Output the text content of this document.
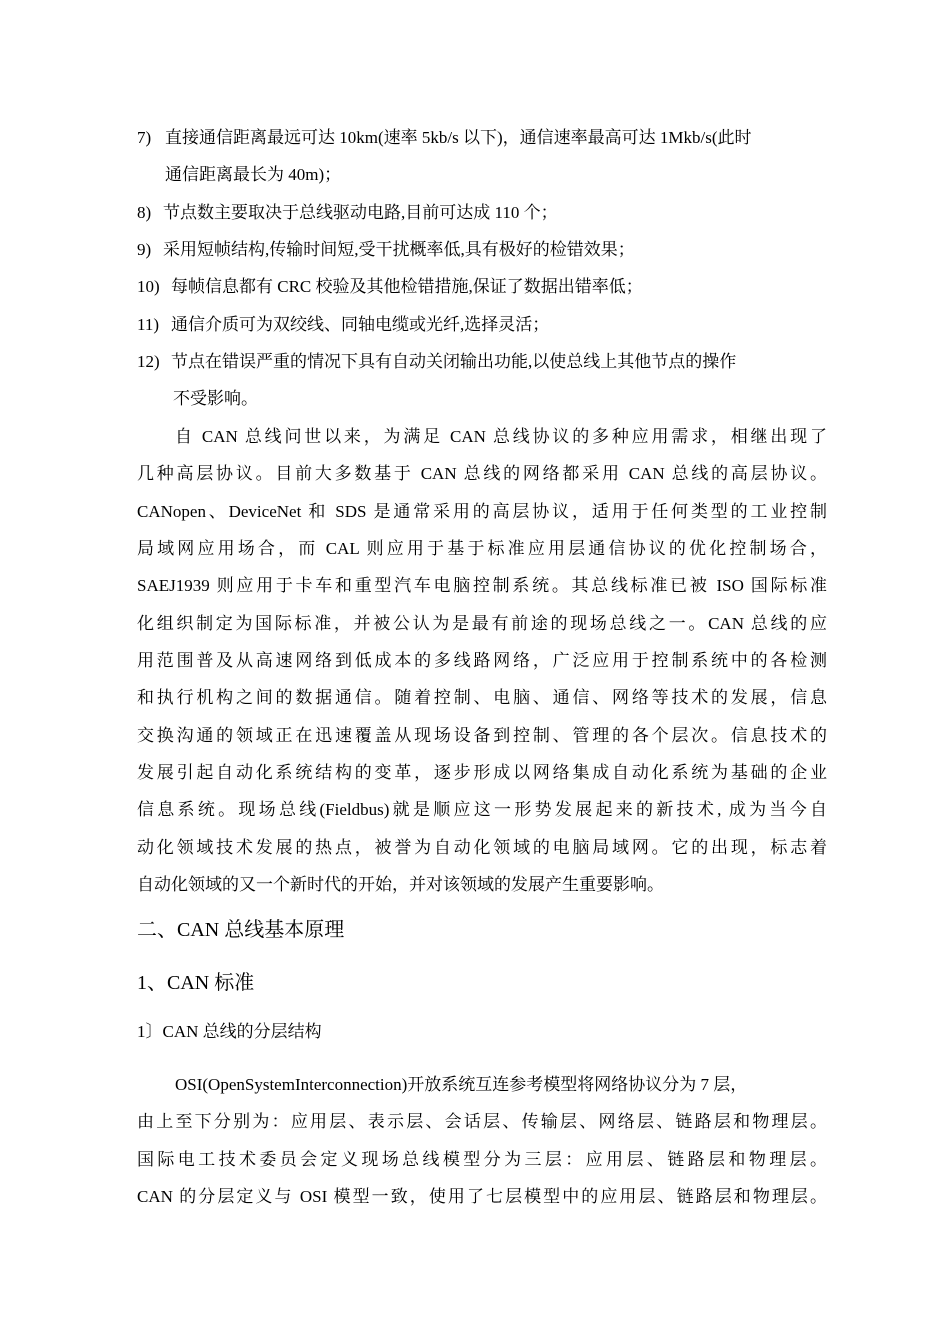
7) 直接通信距离最远可达 10km(速率 5kb/s 以下)，通信速率最高可达 1Mkb/s(此时
通信距离最长为 40m)；
8) 节点数主要取决于总线驱动电路,目前可达成 110 个；
9) 采用短帧结构,传输时间短,受干扰概率低,具有极好的检错效果；
10) 每帧信息都有 CRC 校验及其他检错措施,保证了数据出错率低；
11) 通信介质可为双绞线、同轴电缆或光纤,选择灵活；
12) 节点在错误严重的情况下具有自动关闭输出功能,以使总线上其他节点的操作
不受影响。
自 CAN 总线问世以来，为满足 CAN 总线协议的多种应用需求，相继出现了
几种高层协议。目前大多数基于 CAN 总线的网络都采用 CAN 总线的高层协议。
CANopen、DeviceNet 和 SDS 是通常采用的高层协议，适用于任何类型的工业控制
局域网应用场合，而 CAL 则应用于基于标准应用层通信协议的优化控制场合，
SAEJ1939 则应用于卡车和重型汽车电脑控制系统。其总线标准已被 ISO 国际标准
化组织制定为国际标准，并被公认为是最有前途的现场总线之一。CAN 总线的应
用范围普及从高速网络到低成本的多线路网络，广泛应用于控制系统中的各检测
和执行机构之间的数据通信。随着控制、电脑、通信、网络等技术的发展，信息
交换沟通的领域正在迅速覆盖从现场设备到控制、管理的各个层次。信息技术的
发展引起自动化系统结构的变革，逐步形成以网络集成自动化系统为基础的企业
信息系统。现场总线(Fieldbus)就是顺应这一形势发展起来的新技术, 成为当今自
动化领域技术发展的热点，被誉为自动化领域的电脑局域网。它的出现，标志着
自动化领域的又一个新时代的开始，并对该领域的发展产生重要影响。
二、CAN 总线基本原理
1、CAN 标准
1〕CAN 总线的分层结构
OSI(OpenSystemInterconnection)开放系统互连参考模型将网络协议分为 7 层，
由上至下分别为：应用层、表示层、会话层、传输层、网络层、链路层和物理层。
国际电工技术委员会定义现场总线模型分为三层：应用层、链路层和物理层。
CAN 的分层定义与 OSI 模型一致，使用了七层模型中的应用层、链路层和物理层。
